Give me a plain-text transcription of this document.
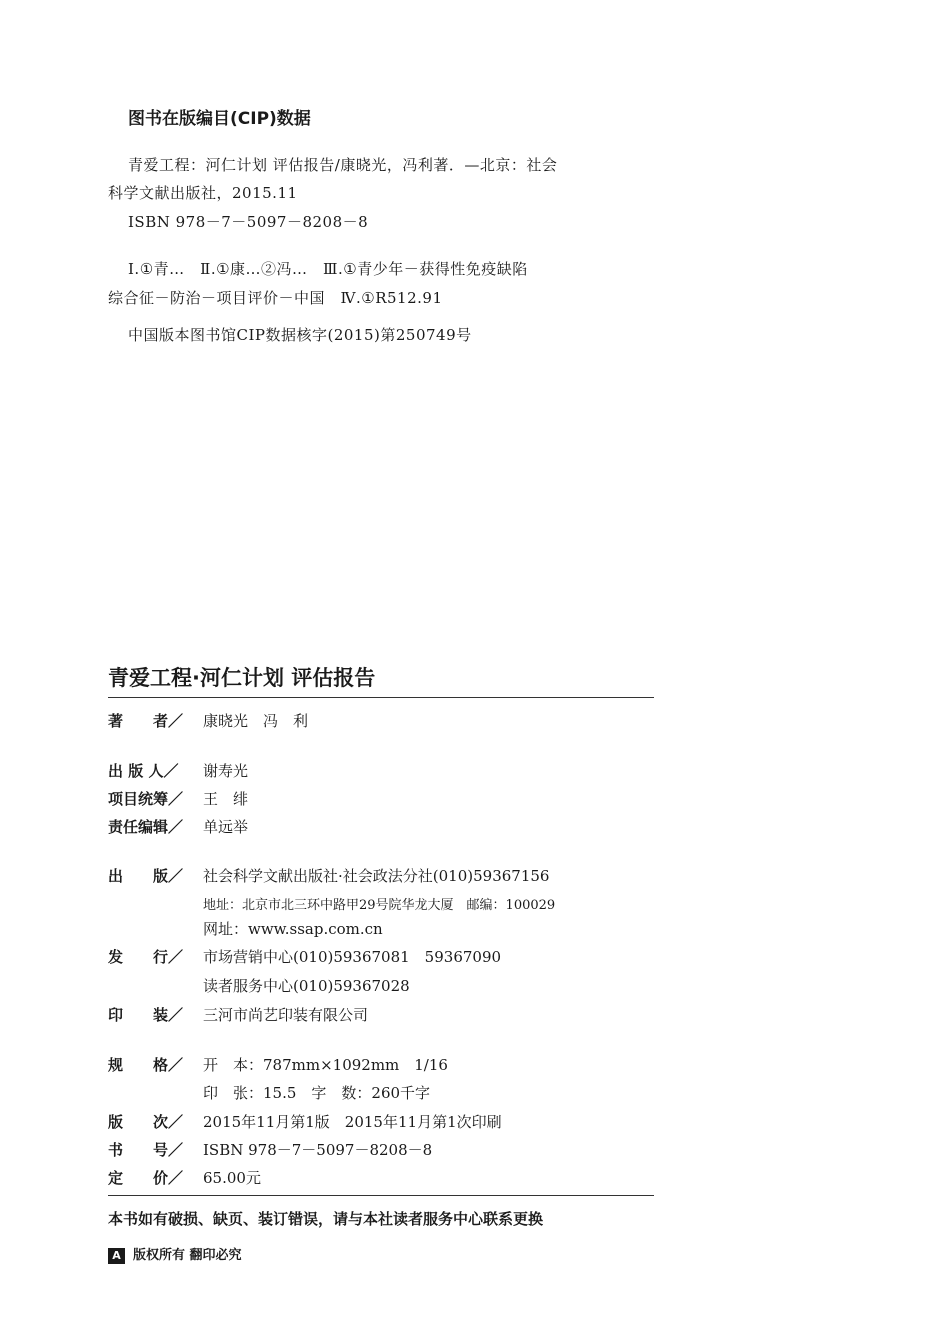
图书在版编目(CIP)数据
青爱工程：河仁计划 评估报告/康晓光，冯利著．—北京：社会
科学文献出版社，2015.11
ISBN 978－7－5097－8208－8
Ⅰ.①青…　Ⅱ.①康…②冯…　Ⅲ.①青少年－获得性免疫缺陷
综合征－防治－项目评价－中国　Ⅳ.①R512.91
中国版本图书馆CIP数据核字(2015)第250749号
青爱工程·河仁计划 评估报告
著　　者／ 康晓光　冯　利
出 版 人／ 谢寿光
项目统筹／ 王　绯
责任编辑／ 单远举
出　　版／ 社会科学文献出版社·社会政法分社(010)59367156
地址：北京市北三环中路甲29号院华龙大厦　邮编：100029
网址：www.ssap.com.cn
发　　行／ 市场营销中心(010)59367081　59367090
读者服务中心(010)59367028
印　　装／ 三河市尚艺印装有限公司
规　　格／ 开　本：787mm×1092mm　1/16
印　张：15.5　字　数：260千字
版　　次／ 2015年11月第1版　2015年11月第1次印刷
书　　号／ ISBN 978－7－5097－8208－8
定　　价／ 65.00元
本书如有破损、缺页、装订错误，请与本社读者服务中心联系更换
A 版权所有 翻印必究
